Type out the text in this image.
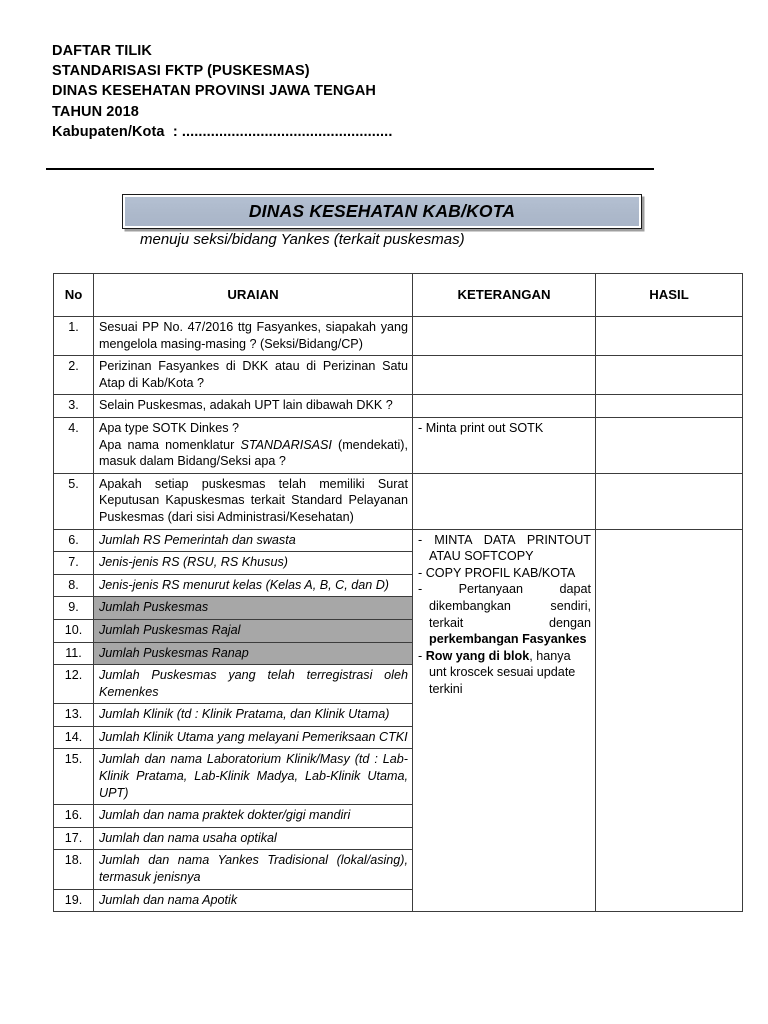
DAFTAR TILIK
STANDARISASI FKTP (PUSKESMAS)
DINAS KESEHATAN PROVINSI JAWA TENGAH
TAHUN 2018
Kabupaten/Kota  : ...................................................
DINAS KESEHATAN KAB/KOTA
menuju seksi/bidang Yankes (terkait puskesmas)
No	URAIAN	KETERANGAN	HASIL
1.	Sesuai PP No. 47/2016 ttg Fasyankes, siapakah yang mengelola masing-masing ? (Seksi/Bidang/CP)		
2.	Perizinan Fasyankes di DKK atau di Perizinan Satu Atap di Kab/Kota ?		
3.	Selain Puskesmas, adakah UPT lain dibawah DKK ?		
4.	Apa type SOTK Dinkes ?
Apa nama nomenklatur STANDARISASI (mendekati), masuk dalam Bidang/Seksi apa ?	- Minta print out SOTK	
5.	Apakah setiap puskesmas telah memiliki Surat Keputusan Kapuskesmas terkait Standard Pelayanan Puskesmas (dari sisi Administrasi/Kesehatan)		
6.	Jumlah RS Pemerintah dan swasta	- MINTA DATA PRINTOUT ATAU SOFTCOPY
- COPY PROFIL KAB/KOTA
- Pertanyaan dapat dikembangkan sendiri, terkait dengan perkembangan Fasyankes
- Row yang di blok, hanya unt kroscek sesuai update terkini	

7.	Jenis-jenis RS (RSU, RS Khusus)		
8.	Jenis-jenis RS menurut kelas (Kelas A, B, C, dan D)		
9.	Jumlah Puskesmas		
10.	Jumlah Puskesmas Rajal		
11.	Jumlah Puskesmas Ranap		
12.	Jumlah Puskesmas yang telah terregistrasi oleh Kemenkes		
13.	Jumlah Klinik (td : Klinik Pratama, dan Klinik Utama)		
14.	Jumlah Klinik Utama yang melayani Pemeriksaan CTKI		
15.	Jumlah dan nama Laboratorium Klinik/Masy (td : Lab-Klinik Pratama, Lab-Klinik Madya, Lab-Klinik Utama, UPT)		
16.	Jumlah dan nama praktek dokter/gigi mandiri		
17.	Jumlah dan nama usaha optikal		
18.	Jumlah dan nama Yankes Tradisional (lokal/asing), termasuk jenisnya		
19.	Jumlah dan nama Apotik		
